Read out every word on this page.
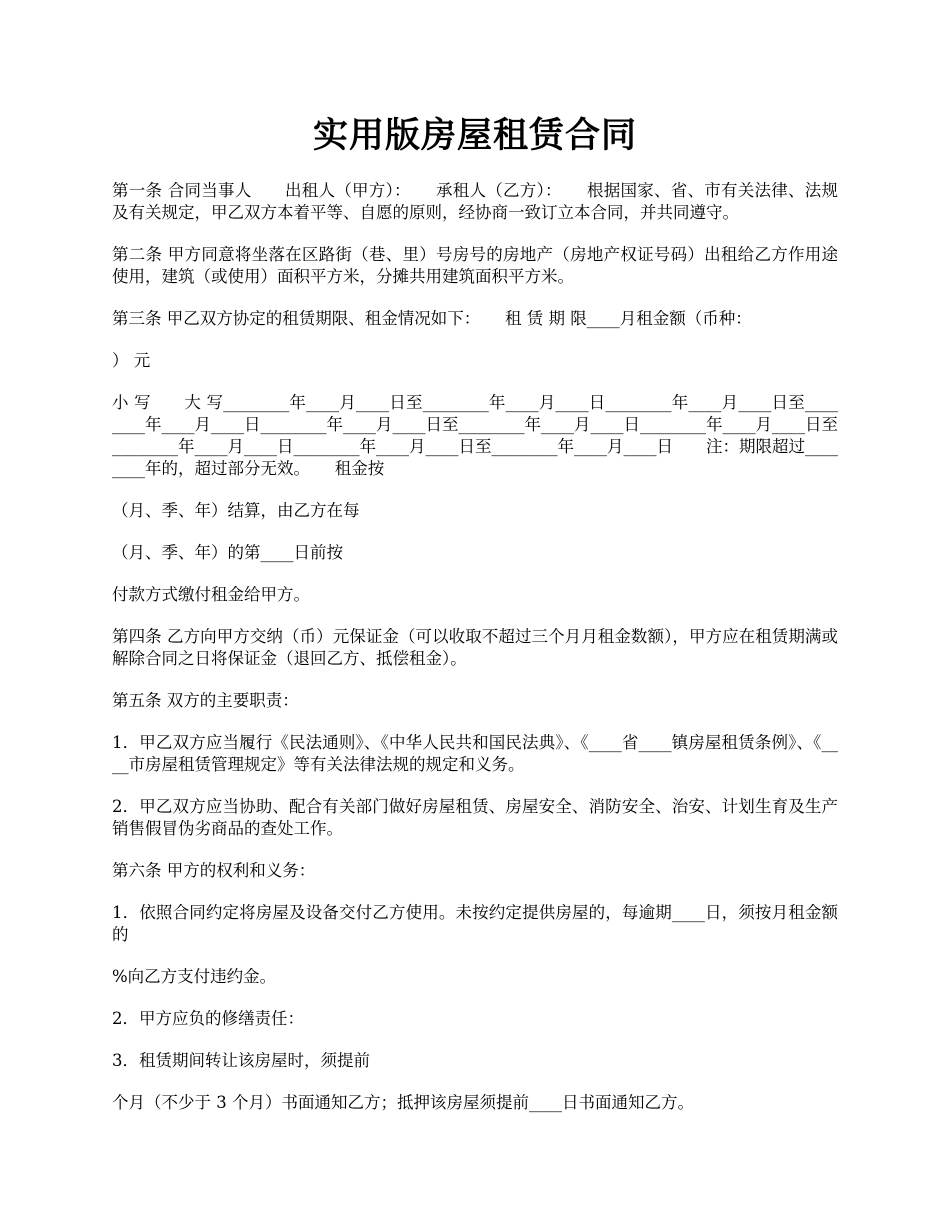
实用版房屋租赁合同

第一条 合同当事人　　出租人（甲方）：　　承租人（乙方）：　　根据国家、省、市有关法律、法规及有关规定，甲乙双方本着平等、自愿的原则，经协商一致订立本合同，并共同遵守。

第二条 甲方同意将坐落在区路街（巷、里）号房号的房地产（房地产权证号码）出租给乙方作用途使用，建筑（或使用）面积平方米，分摊共用建筑面积平方米。

第三条 甲乙双方协定的租赁期限、租金情况如下：　　租 赁 期 限____月租金额（币种：

） 元

小 写　　大 写________年____月____日至________年____月____日________年____月____日至________年____月____日________年____月____日至________年____月____日________年____月____日至________年____月____日________年____月____日至________年____月____日　　注：期限超过________年的，超过部分无效。　　租金按

（月、季、年）结算，由乙方在每

（月、季、年）的第____日前按

付款方式缴付租金给甲方。

第四条 乙方向甲方交纳（币）元保证金（可以收取不超过三个月月租金数额），甲方应在租赁期满或解除合同之日将保证金（退回乙方、抵偿租金）。

第五条 双方的主要职责：

1．甲乙双方应当履行《民法通则》、《中华人民共和国民法典》、《____省____镇房屋租赁条例》、《____市房屋租赁管理规定》等有关法律法规的规定和义务。

2．甲乙双方应当协助、配合有关部门做好房屋租赁、房屋安全、消防安全、治安、计划生育及生产销售假冒伪劣商品的查处工作。

第六条 甲方的权利和义务：

1．依照合同约定将房屋及设备交付乙方使用。未按约定提供房屋的，每逾期____日，须按月租金额的

%向乙方支付违约金。

2．甲方应负的修缮责任：

3．租赁期间转让该房屋时，须提前

个月（不少于 3 个月）书面通知乙方；抵押该房屋须提前____日书面通知乙方。
